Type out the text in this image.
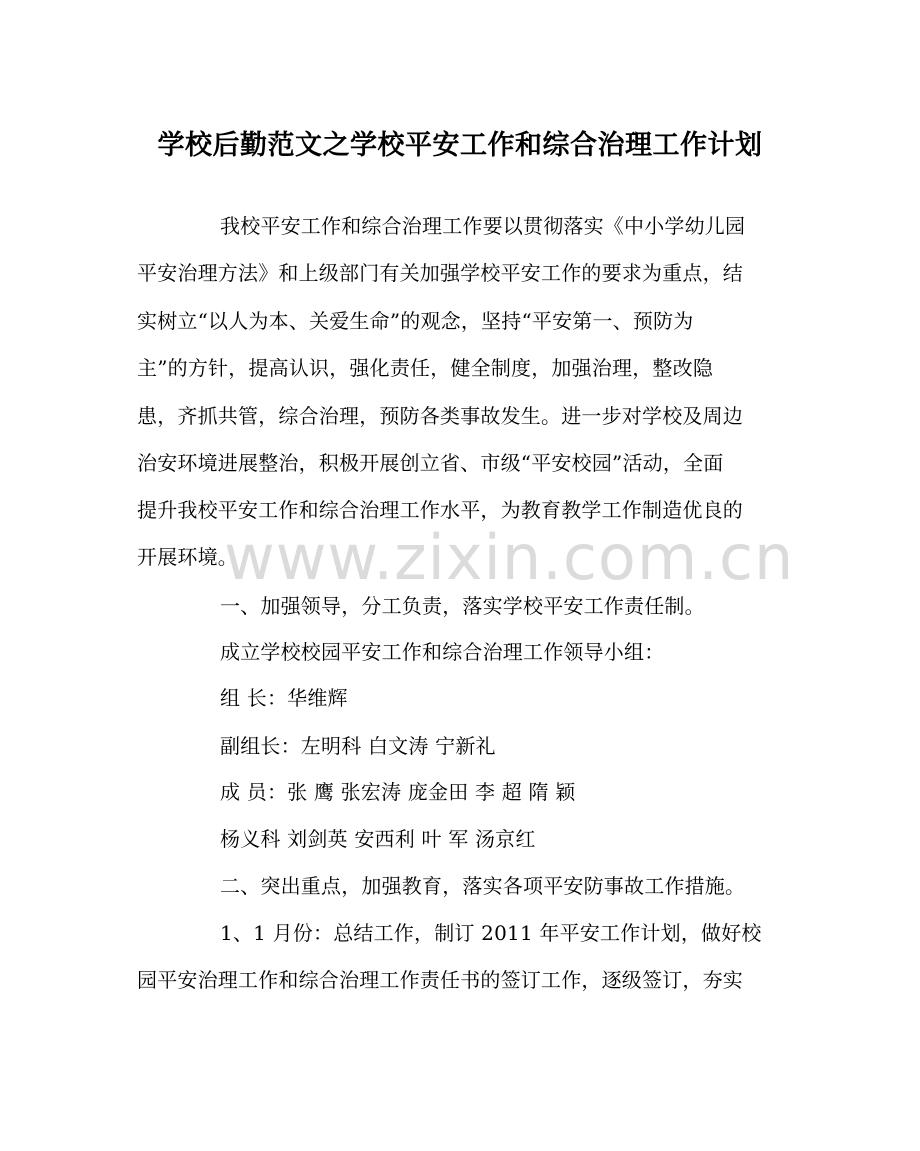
学校后勤范文之学校平安工作和综合治理工作计划
我校平安工作和综合治理工作要以贯彻落实《中小学幼儿园
平安治理方法》和上级部门有关加强学校平安工作的要求为重点，结
实树立“以人为本、关爱生命”的观念，坚持“平安第一、预防为
主”的方针，提高认识，强化责任，健全制度，加强治理，整改隐
患，齐抓共管，综合治理，预防各类事故发生。进一步对学校及周边
治安环境进展整治，积极开展创立省、市级“平安校园”活动，全面
提升我校平安工作和综合治理工作水平，为教育教学工作制造优良的
开展环境。
一、加强领导，分工负责，落实学校平安工作责任制。
成立学校校园平安工作和综合治理工作领导小组：
组 长：华维辉
副组长：左明科 白文涛 宁新礼
成 员：张 鹰 张宏涛 庞金田 李 超 隋 颖
杨义科 刘剑英 安西利 叶 军 汤京红
二、突出重点，加强教育，落实各项平安防事故工作措施。
1、1 月份：总结工作，制订 2011 年平安工作计划，做好校
园平安治理工作和综合治理工作责任书的签订工作，逐级签订，夯实
www.zixin.com.cn
